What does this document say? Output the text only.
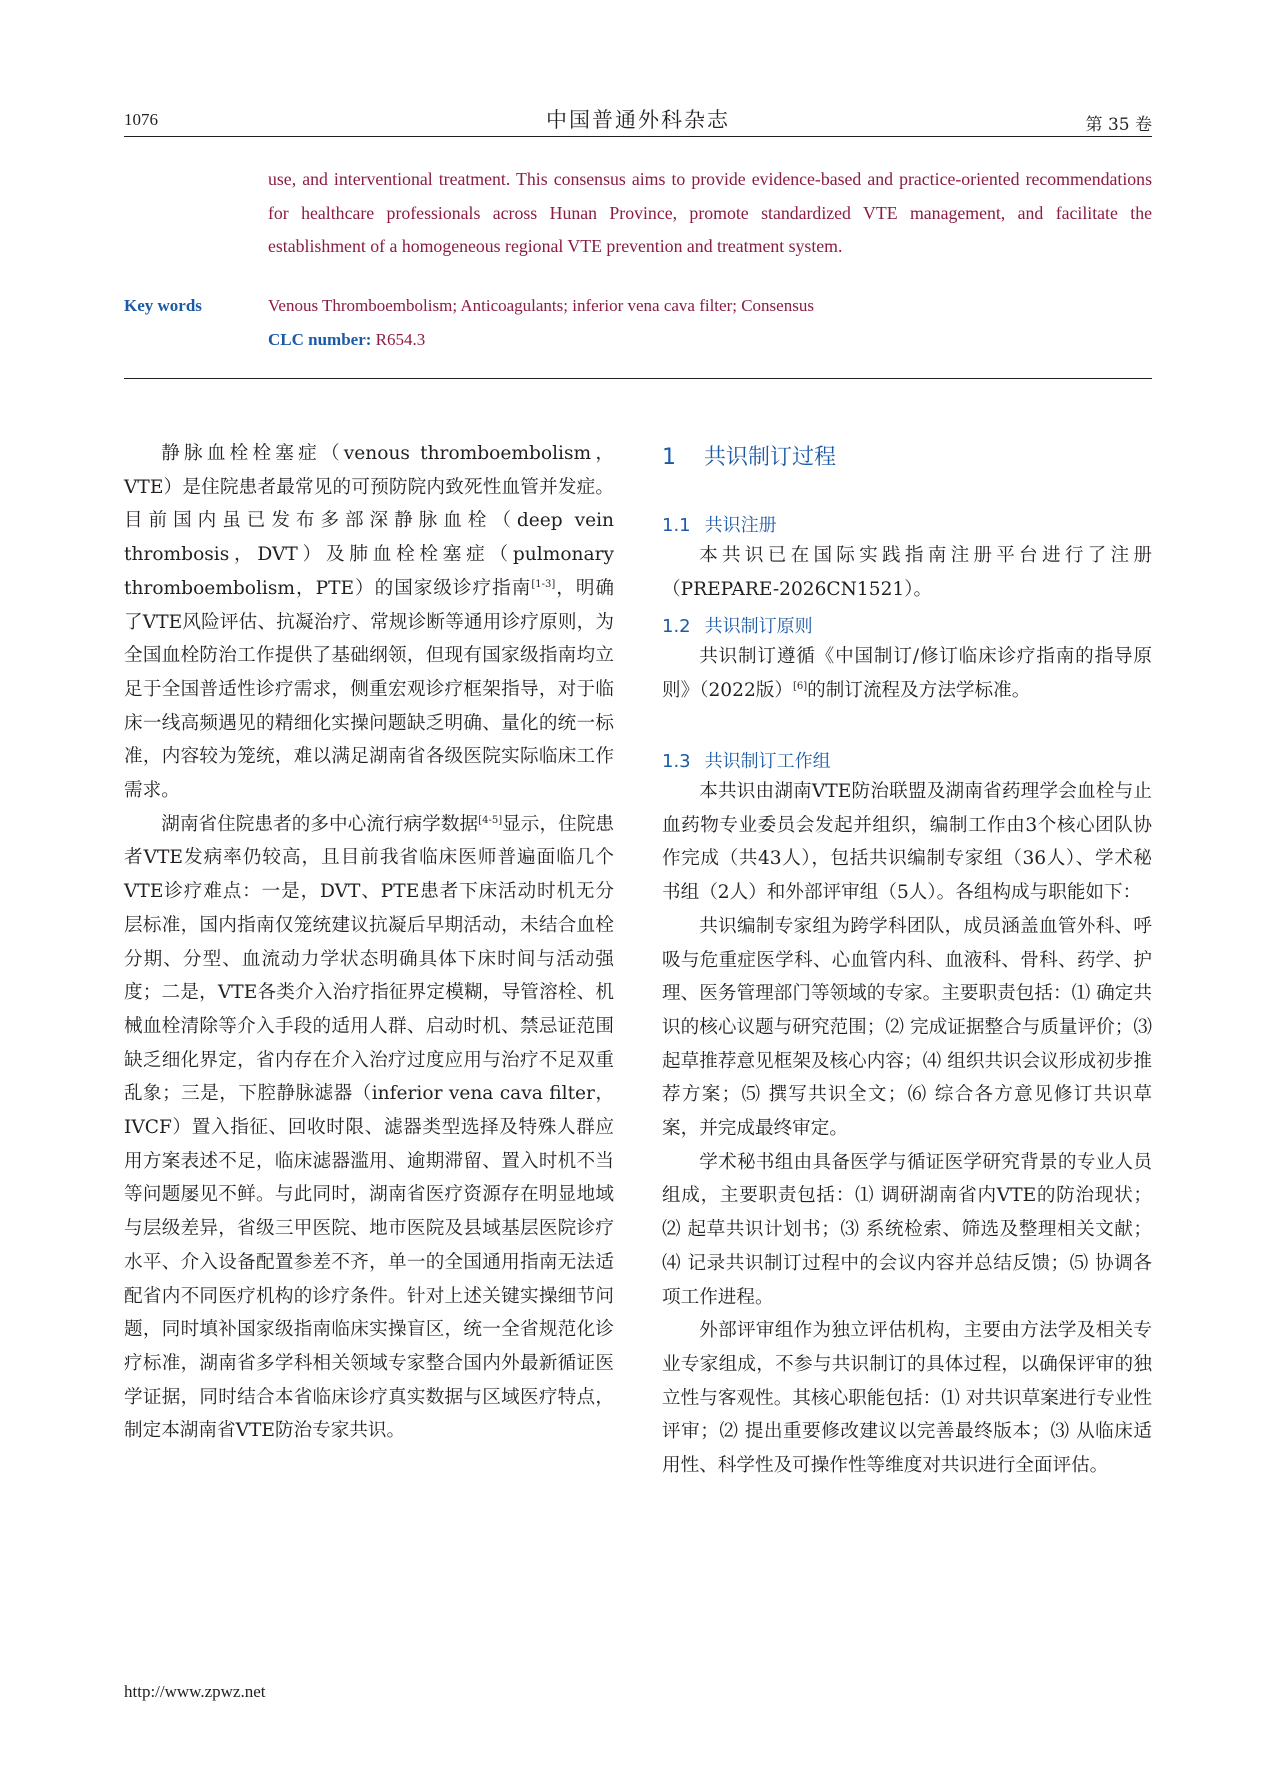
1076	中国普通外科杂志	第 35 卷

use, and interventional treatment. This consensus aims to provide evidence-based and practice-oriented recommendations for healthcare professionals across Hunan Province, promote standardized VTE management, and facilitate the establishment of a homogeneous regional VTE prevention and treatment system.

Key words	Venous Thromboembolism; Anticoagulants; inferior vena cava filter; Consensus
CLC number: R654.3

静脉血栓栓塞症（venous thromboembolism，VTE）是住院患者最常见的可预防院内致死性血管并发症。目前国内虽已发布多部深静脉血栓（deep vein thrombosis，DVT）及肺血栓栓塞症（pulmonary thromboembolism，PTE）的国家级诊疗指南[1-3]，明确了VTE风险评估、抗凝治疗、常规诊断等通用诊疗原则，为全国血栓防治工作提供了基础纲领，但现有国家级指南均立足于全国普适性诊疗需求，侧重宏观诊疗框架指导，对于临床一线高频遇见的精细化实操问题缺乏明确、量化的统一标准，内容较为笼统，难以满足湖南省各级医院实际临床工作需求。

湖南省住院患者的多中心流行病学数据[4-5]显示，住院患者VTE发病率仍较高，且目前我省临床医师普遍面临几个VTE诊疗难点：一是，DVT、PTE患者下床活动时机无分层标准，国内指南仅笼统建议抗凝后早期活动，未结合血栓分期、分型、血流动力学状态明确具体下床时间与活动强度；二是，VTE各类介入治疗指征界定模糊，导管溶栓、机械血栓清除等介入手段的适用人群、启动时机、禁忌证范围缺乏细化界定，省内存在介入治疗过度应用与治疗不足双重乱象；三是，下腔静脉滤器（inferior vena cava filter，IVCF）置入指征、回收时限、滤器类型选择及特殊人群应用方案表述不足，临床滤器滥用、逾期滞留、置入时机不当等问题屡见不鲜。与此同时，湖南省医疗资源存在明显地域与层级差异，省级三甲医院、地市医院及县域基层医院诊疗水平、介入设备配置参差不齐，单一的全国通用指南无法适配省内不同医疗机构的诊疗条件。针对上述关键实操细节问题，同时填补国家级指南临床实操盲区，统一全省规范化诊疗标准，湖南省多学科相关领域专家整合国内外最新循证医学证据，同时结合本省临床诊疗真实数据与区域医疗特点，制定本湖南省VTE防治专家共识。

1 共识制订过程
1.1 共识注册

本共识已在国际实践指南注册平台进行了注册（PREPARE-2026CN1521）。

1.2 共识制订原则

共识制订遵循《中国制订/修订临床诊疗指南的指导原则》（2022版）[6]的制订流程及方法学标准。

1.3 共识制订工作组

本共识由湖南VTE防治联盟及湖南省药理学会血栓与止血药物专业委员会发起并组织，编制工作由3个核心团队协作完成（共43人），包括共识编制专家组（36人）、学术秘书组（2人）和外部评审组（5人）。各组构成与职能如下：

共识编制专家组为跨学科团队，成员涵盖血管外科、呼吸与危重症医学科、心血管内科、血液科、骨科、药学、护理、医务管理部门等领域的专家。主要职责包括：⑴ 确定共识的核心议题与研究范围；⑵ 完成证据整合与质量评价；⑶ 起草推荐意见框架及核心内容；⑷ 组织共识会议形成初步推荐方案；⑸ 撰写共识全文；⑹ 综合各方意见修订共识草案，并完成最终审定。

学术秘书组由具备医学与循证医学研究背景的专业人员组成，主要职责包括：⑴ 调研湖南省内VTE的防治现状；⑵ 起草共识计划书；⑶ 系统检索、筛选及整理相关文献；⑷ 记录共识制订过程中的会议内容并总结反馈；⑸ 协调各项工作进程。

外部评审组作为独立评估机构，主要由方法学及相关专业专家组成，不参与共识制订的具体过程，以确保评审的独立性与客观性。其核心职能包括：⑴ 对共识草案进行专业性评审；⑵ 提出重要修改建议以完善最终版本；⑶ 从临床适用性、科学性及可操作性等维度对共识进行全面评估。

http://www.zpwz.net
